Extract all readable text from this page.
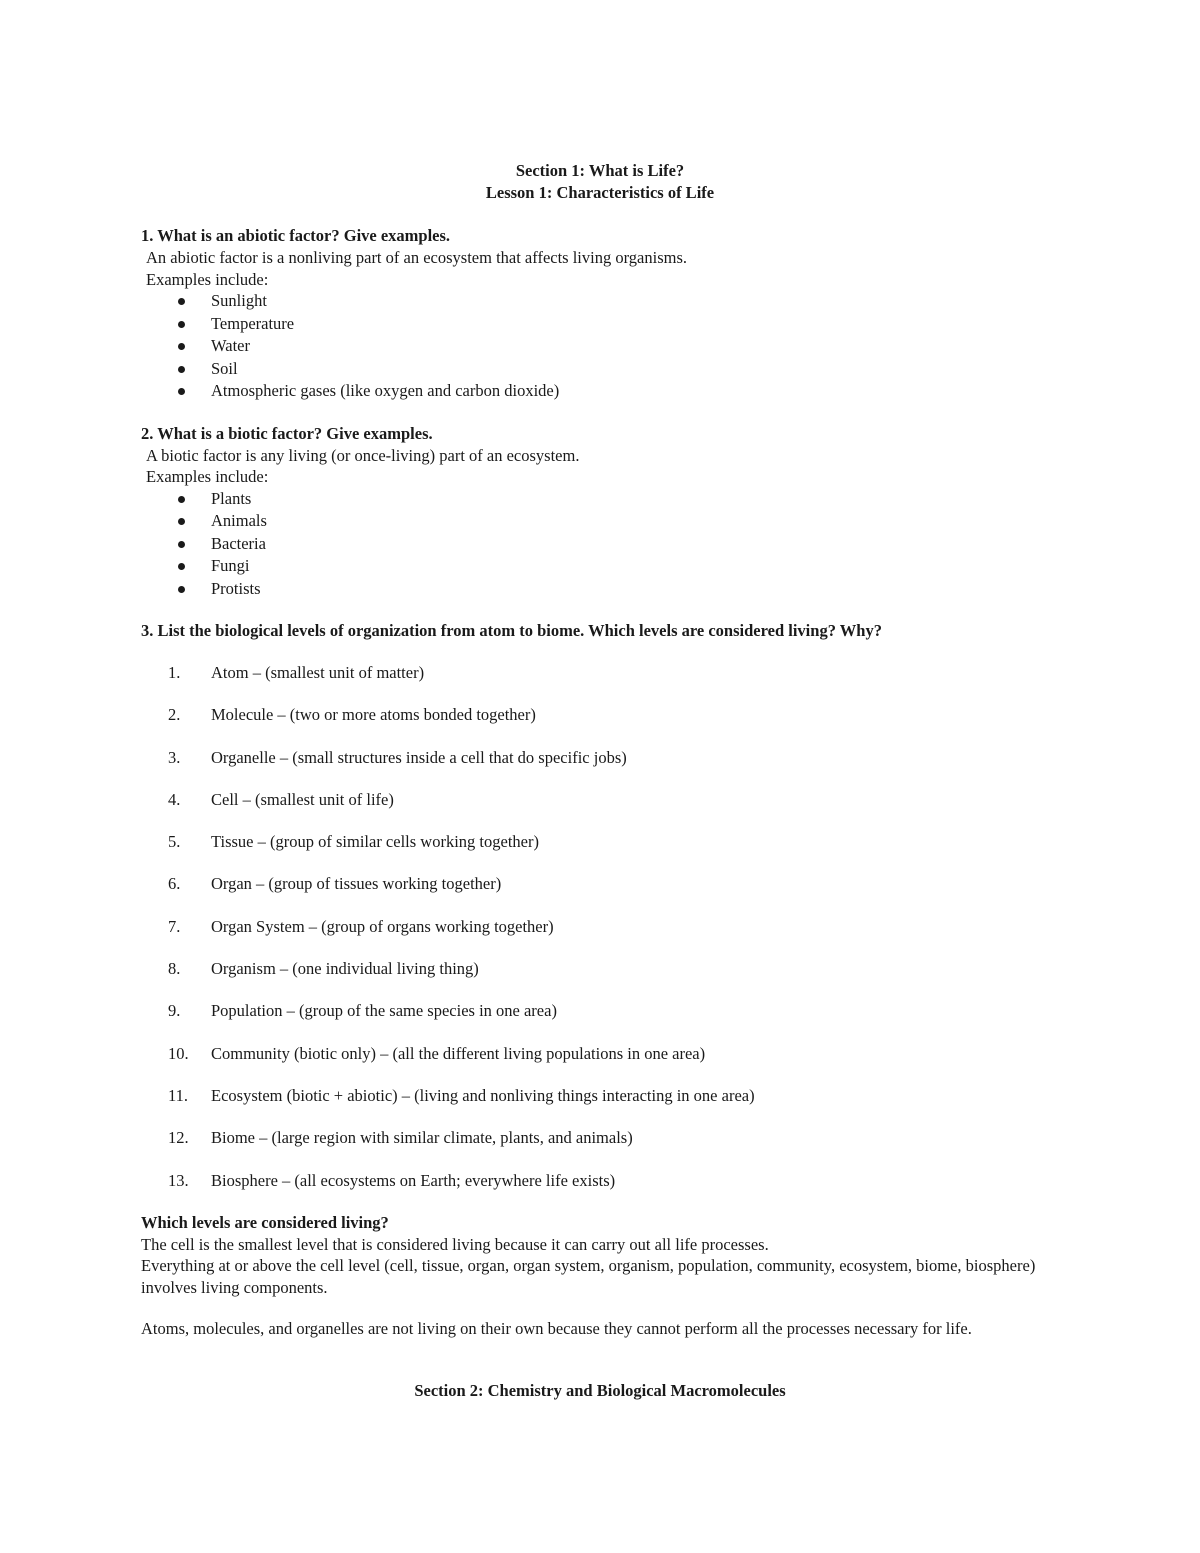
Section 1: What is Life?

Lesson 1: Characteristics of Life

1. What is an abiotic factor? Give examples.

An abiotic factor is a nonliving part of an ecosystem that affects living organisms.

Examples include:

Sunlight
Temperature
Water
Soil
Atmospheric gases (like oxygen and carbon dioxide)

2. What is a biotic factor? Give examples.

A biotic factor is any living (or once-living) part of an ecosystem.

Examples include:

Plants
Animals
Bacteria
Fungi
Protists

3. List the biological levels of organization from atom to biome. Which levels are considered living? Why?

1.	Atom – (smallest unit of matter)
2.	Molecule – (two or more atoms bonded together)
3.	Organelle – (small structures inside a cell that do specific jobs)
4.	Cell – (smallest unit of life)
5.	Tissue – (group of similar cells working together)
6.	Organ – (group of tissues working together)
7.	Organ System – (group of organs working together)
8.	Organism – (one individual living thing)
9.	Population – (group of the same species in one area)
10.	Community (biotic only) – (all the different living populations in one area)
11.	Ecosystem (biotic + abiotic) – (living and nonliving things interacting in one area)
12.	Biome – (large region with similar climate, plants, and animals)
13.	Biosphere – (all ecosystems on Earth; everywhere life exists)

Which levels are considered living?

The cell is the smallest level that is considered living because it can carry out all life processes.

Everything at or above the cell level (cell, tissue, organ, organ system, organism, population, community, ecosystem, biome, biosphere) involves living components.

Atoms, molecules, and organelles are not living on their own because they cannot perform all the processes necessary for life.

Section 2: Chemistry and Biological Macromolecules
